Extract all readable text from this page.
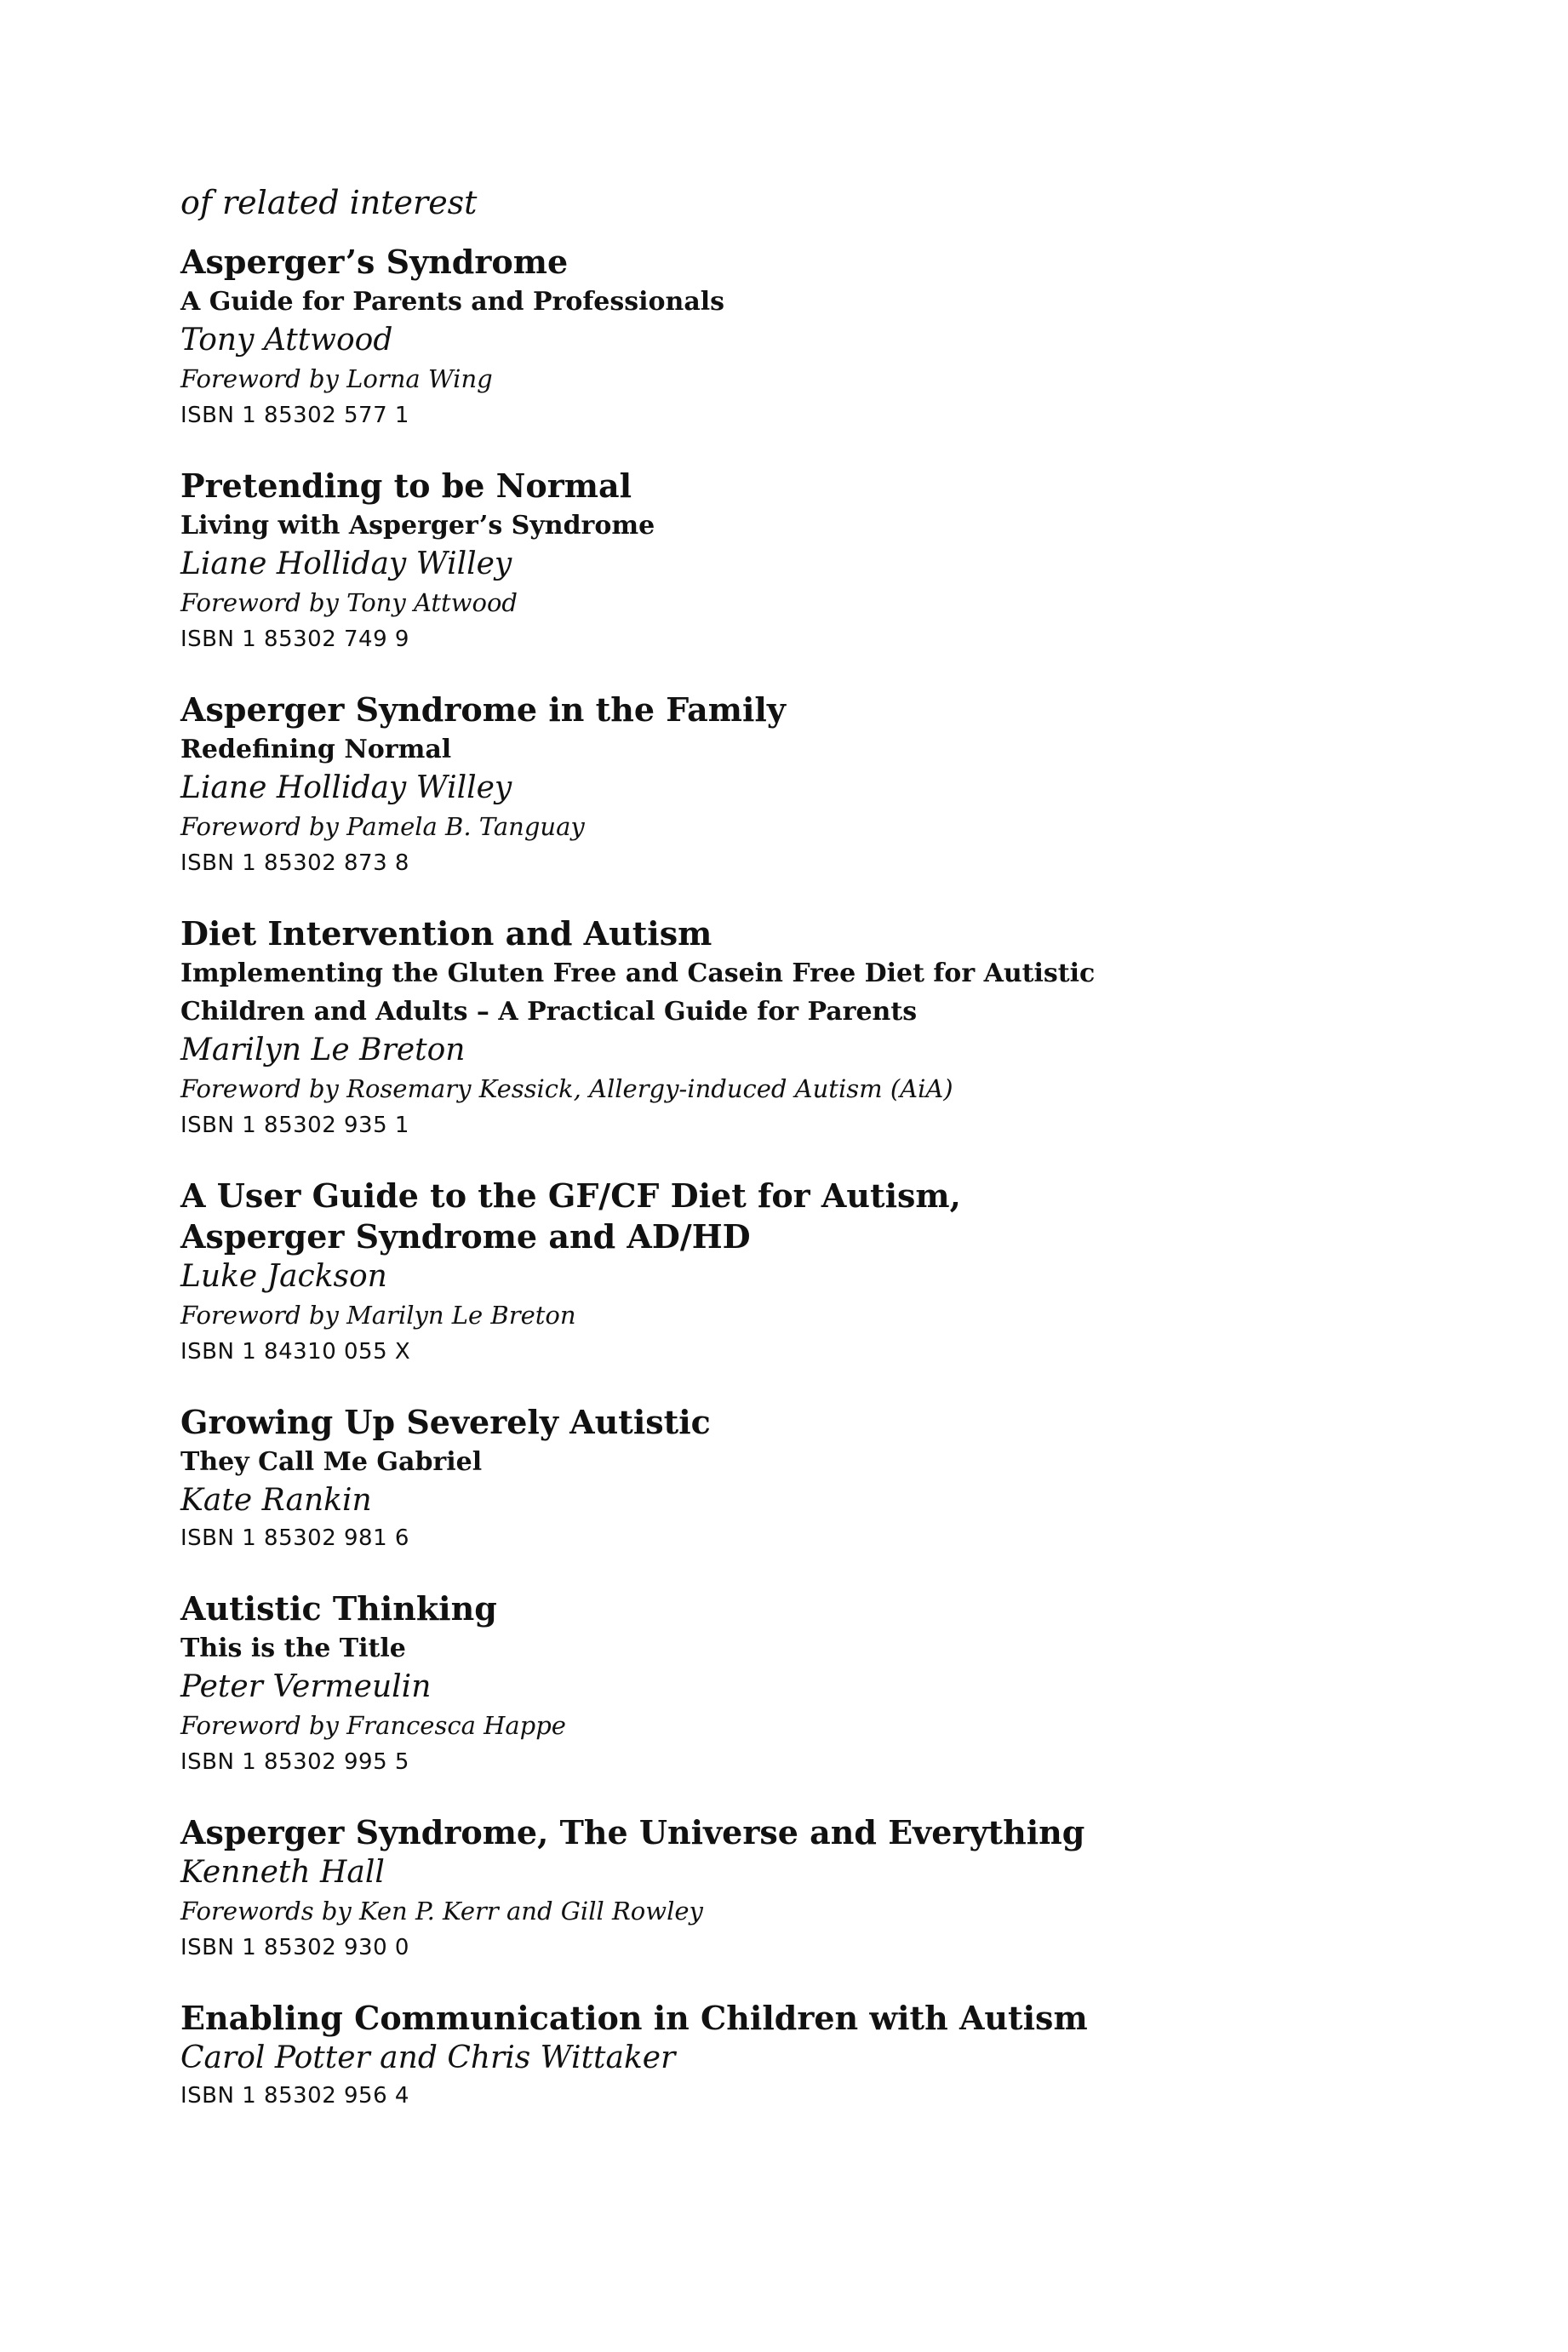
of related interest
Asperger’s Syndrome
A Guide for Parents and Professionals
Tony Attwood
Foreword by Lorna Wing
ISBN 1 85302 577 1
Pretending to be Normal
Living with Asperger’s Syndrome
Liane Holliday Willey
Foreword by Tony Attwood
ISBN 1 85302 749 9
Asperger Syndrome in the Family
Redefining Normal
Liane Holliday Willey
Foreword by Pamela B. Tanguay
ISBN 1 85302 873 8
Diet Intervention and Autism
Implementing the Gluten Free and Casein Free Diet for Autistic
Children and Adults – A Practical Guide for Parents
Marilyn Le Breton
Foreword by Rosemary Kessick, Allergy-induced Autism (AiA)
ISBN 1 85302 935 1
A User Guide to the GF/CF Diet for Autism,
Asperger Syndrome and AD/HD
Luke Jackson
Foreword by Marilyn Le Breton
ISBN 1 84310 055 X
Growing Up Severely Autistic
They Call Me Gabriel
Kate Rankin
ISBN 1 85302 981 6
Autistic Thinking
This is the Title
Peter Vermeulin
Foreword by Francesca Happe
ISBN 1 85302 995 5
Asperger Syndrome, The Universe and Everything
Kenneth Hall
Forewords by Ken P. Kerr and Gill Rowley
ISBN 1 85302 930 0
Enabling Communication in Children with Autism
Carol Potter and Chris Wittaker
ISBN 1 85302 956 4
